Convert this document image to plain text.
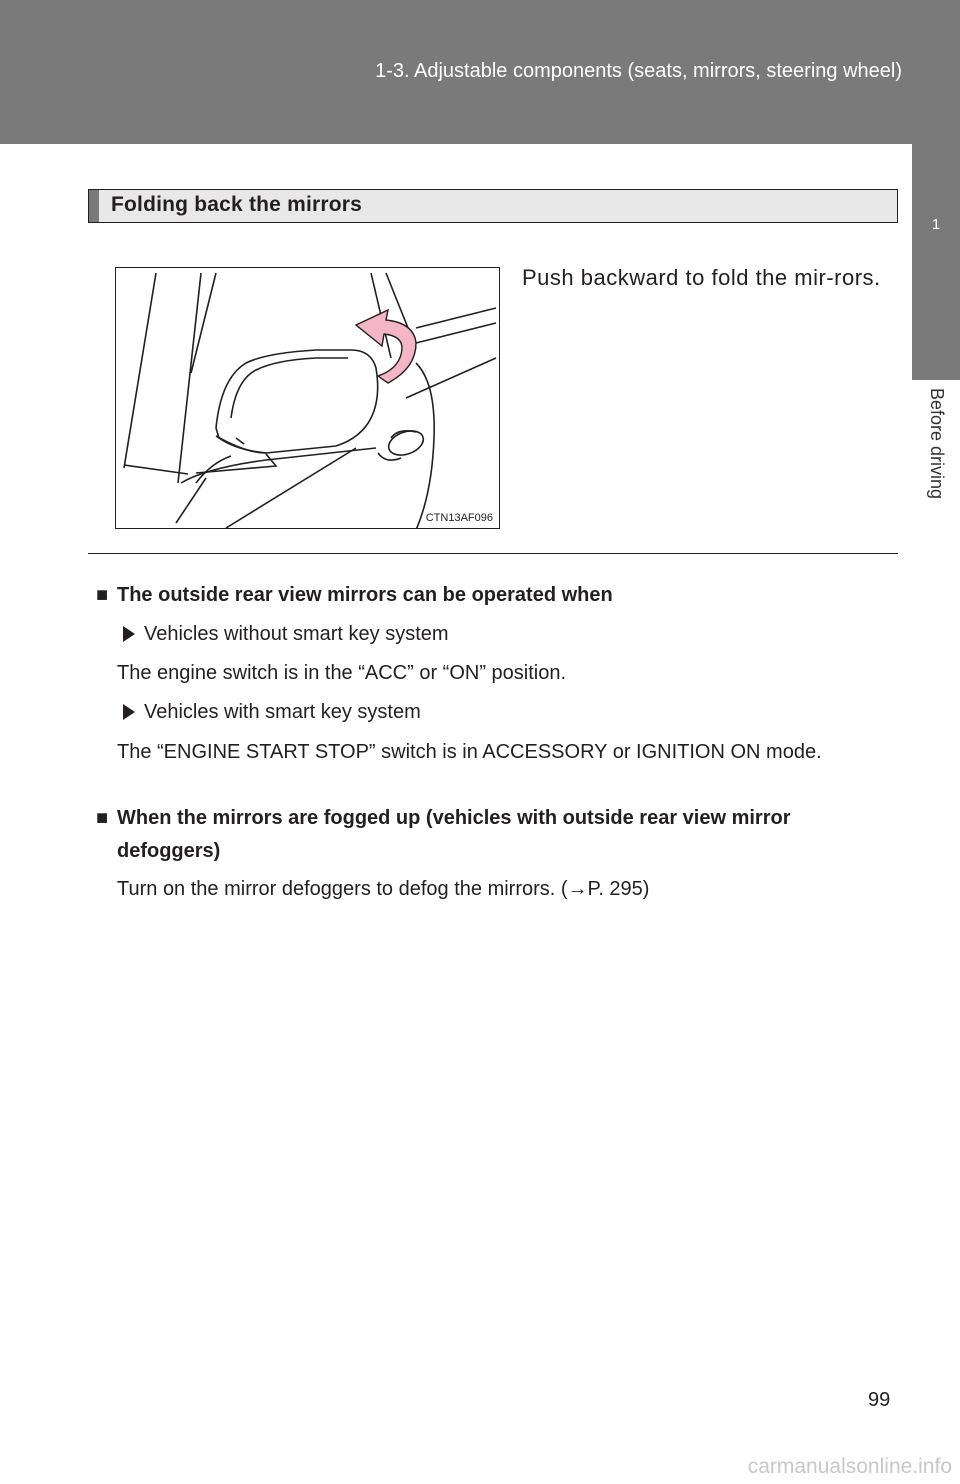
1-3. Adjustable components (seats, mirrors, steering wheel)
1
Before driving
Folding back the mirrors
CTN13AF096
Push backward to fold the mir-rors.
■ The outside rear view mirrors can be operated when
Vehicles without smart key system
The engine switch is in the “ACC” or “ON” position.
Vehicles with smart key system
The “ENGINE START STOP” switch is in ACCESSORY or IGNITION ON mode.
■ When the mirrors are fogged up (vehicles with outside rear view mirror
defoggers)
Turn on the mirror defoggers to defog the mirrors. (→P. 295)
99
carmanualsonline.info
